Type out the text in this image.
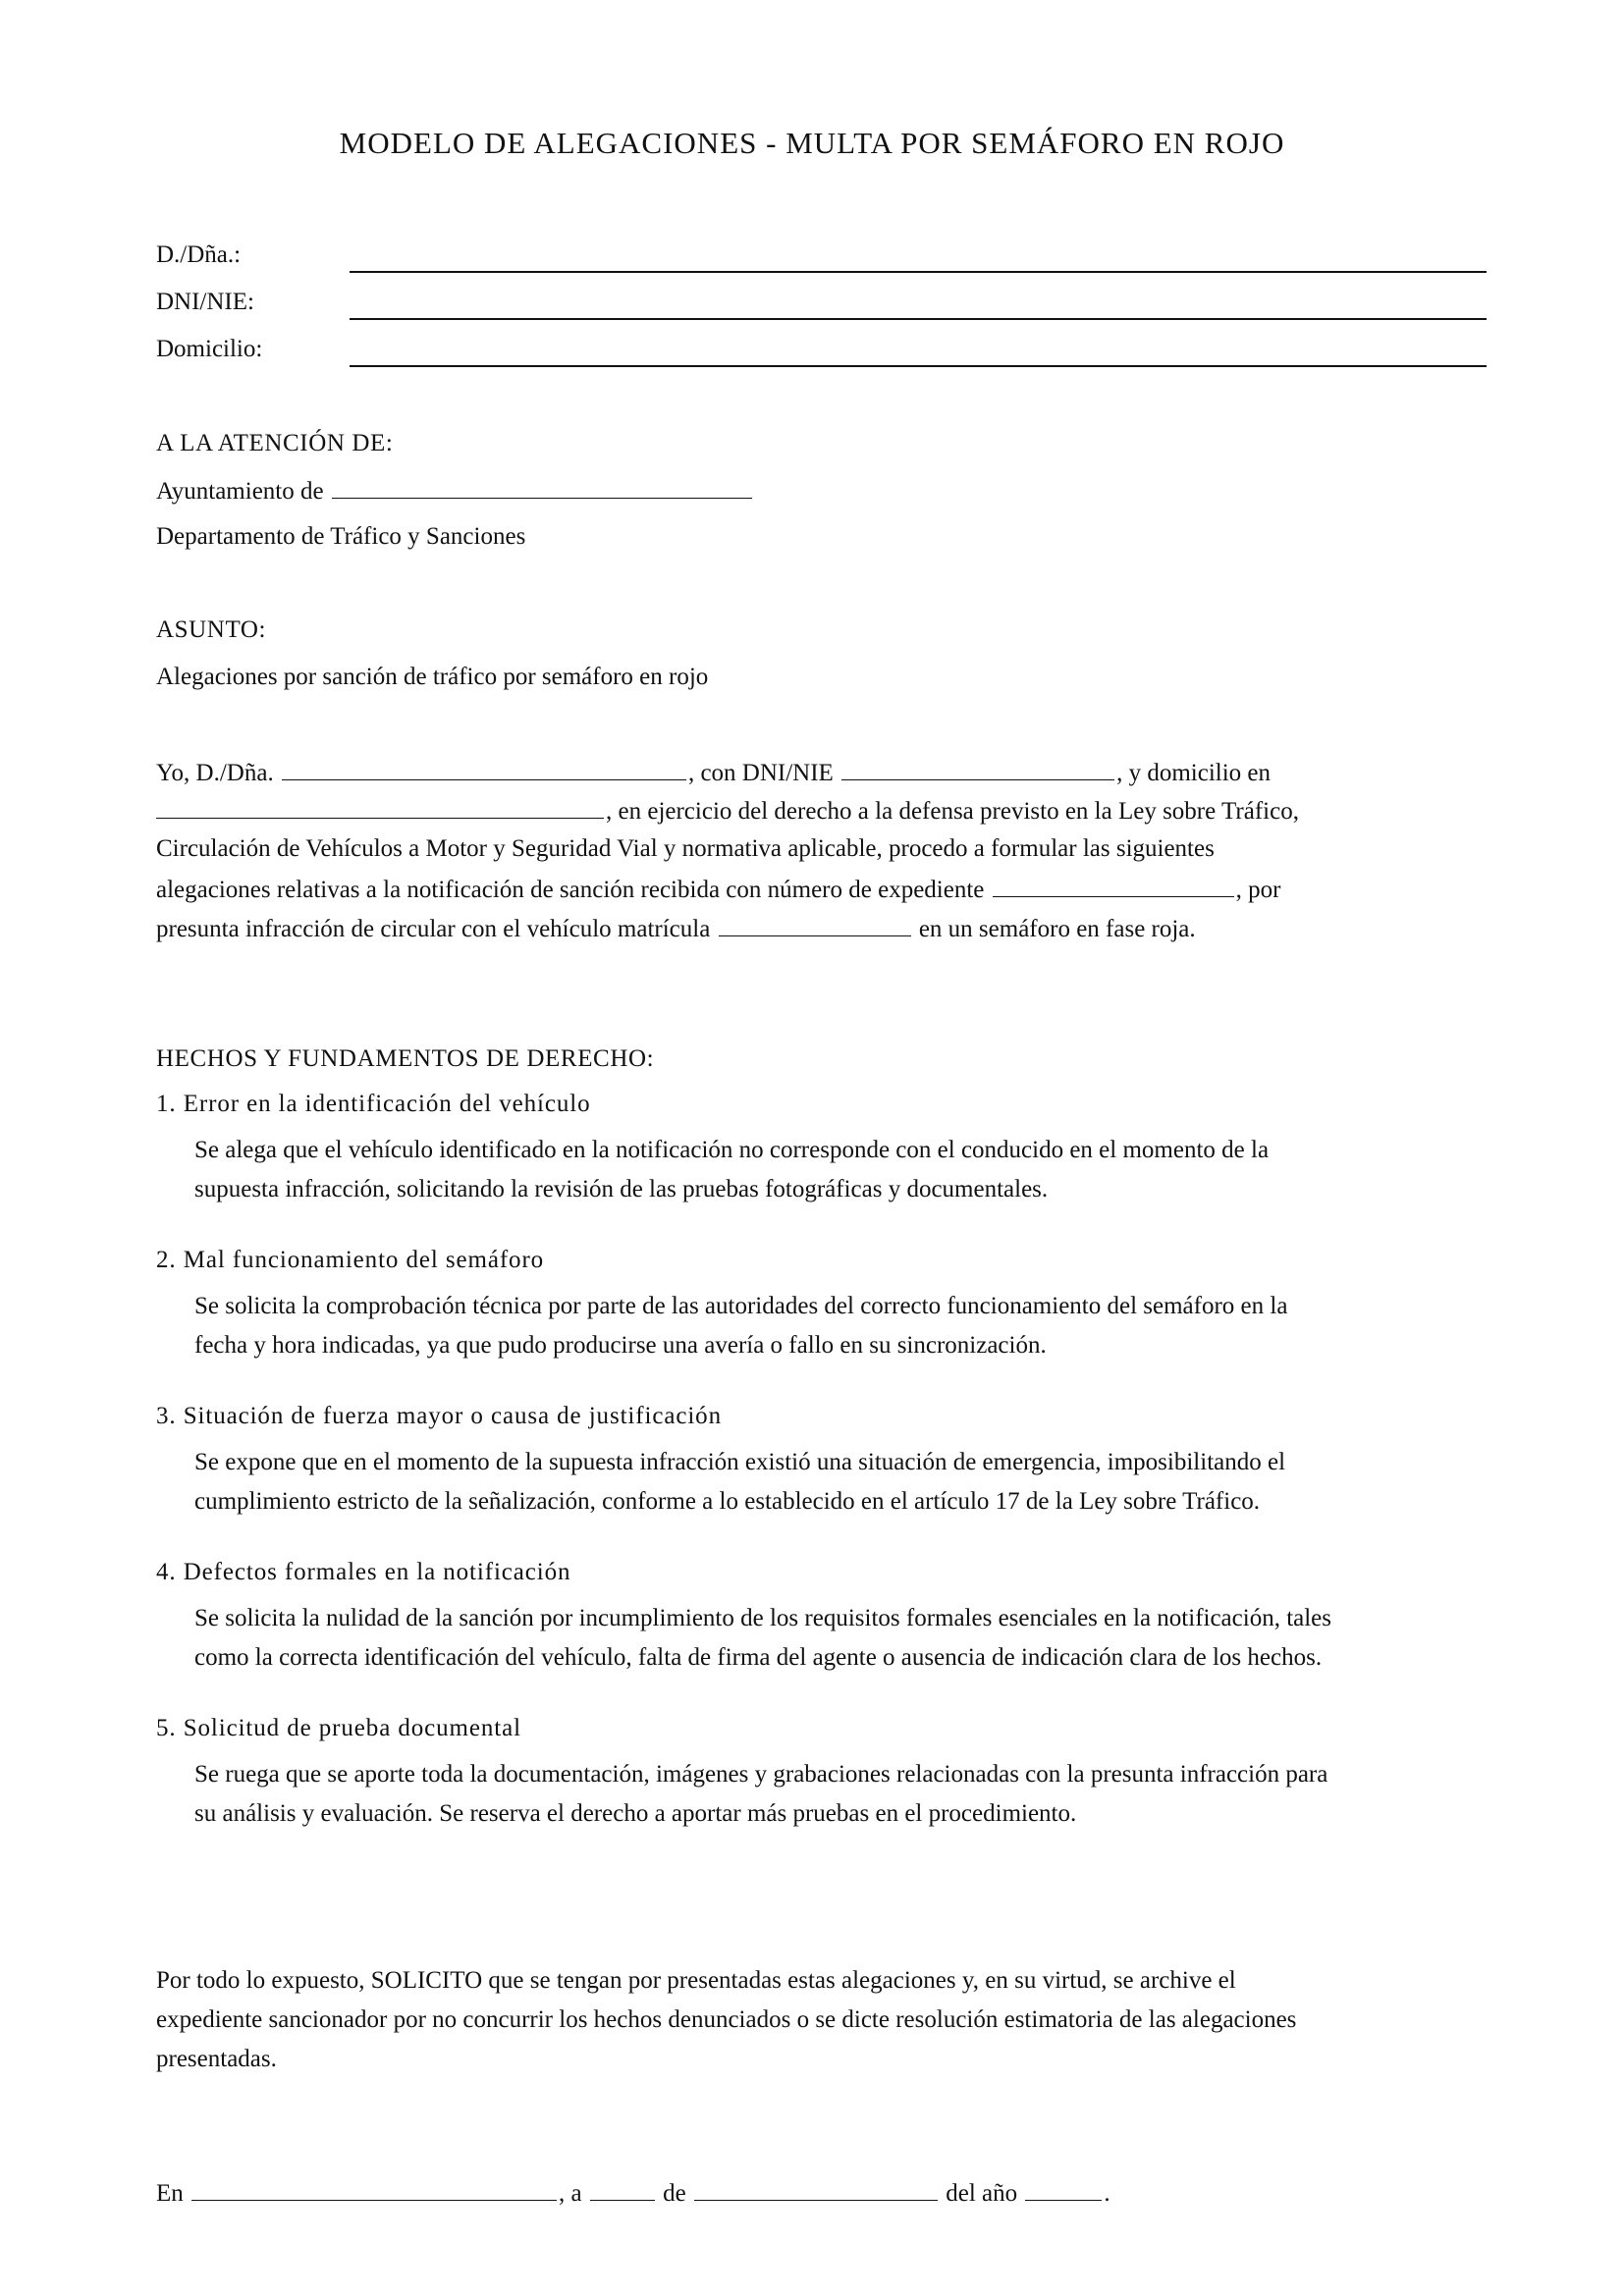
MODELO DE ALEGACIONES - MULTA POR SEMÁFORO EN ROJO
D./Dña.:
DNI/NIE:
Domicilio:
A LA ATENCIÓN DE:
Ayuntamiento de
Departamento de Tráfico y Sanciones
ASUNTO:
Alegaciones por sanción de tráfico por semáforo en rojo
Yo, D./Dña.	, con DNI/NIE	, y domicilio en
, en ejercicio del derecho a la defensa previsto en la Ley sobre Tráfico,
Circulación de Vehículos a Motor y Seguridad Vial y normativa aplicable, procedo a formular las siguientes
alegaciones relativas a la notificación de sanción recibida con número de expediente	, por
presunta infracción de circular con el vehículo matrícula	en un semáforo en fase roja.
HECHOS Y FUNDAMENTOS DE DERECHO:
1. Error en la identificación del vehículo
Se alega que el vehículo identificado en la notificación no corresponde con el conducido en el momento de la
supuesta infracción, solicitando la revisión de las pruebas fotográficas y documentales.
2. Mal funcionamiento del semáforo
Se solicita la comprobación técnica por parte de las autoridades del correcto funcionamiento del semáforo en la
fecha y hora indicadas, ya que pudo producirse una avería o fallo en su sincronización.
3. Situación de fuerza mayor o causa de justificación
Se expone que en el momento de la supuesta infracción existió una situación de emergencia, imposibilitando el
cumplimiento estricto de la señalización, conforme a lo establecido en el artículo 17 de la Ley sobre Tráfico.
4. Defectos formales en la notificación
Se solicita la nulidad de la sanción por incumplimiento de los requisitos formales esenciales en la notificación, tales
como la correcta identificación del vehículo, falta de firma del agente o ausencia de indicación clara de los hechos.
5. Solicitud de prueba documental
Se ruega que se aporte toda la documentación, imágenes y grabaciones relacionadas con la presunta infracción para
su análisis y evaluación. Se reserva el derecho a aportar más pruebas en el procedimiento.
Por todo lo expuesto, SOLICITO que se tengan por presentadas estas alegaciones y, en su virtud, se archive el
expediente sancionador por no concurrir los hechos denunciados o se dicte resolución estimatoria de las alegaciones
presentadas.
En	, a	de	del año	.
